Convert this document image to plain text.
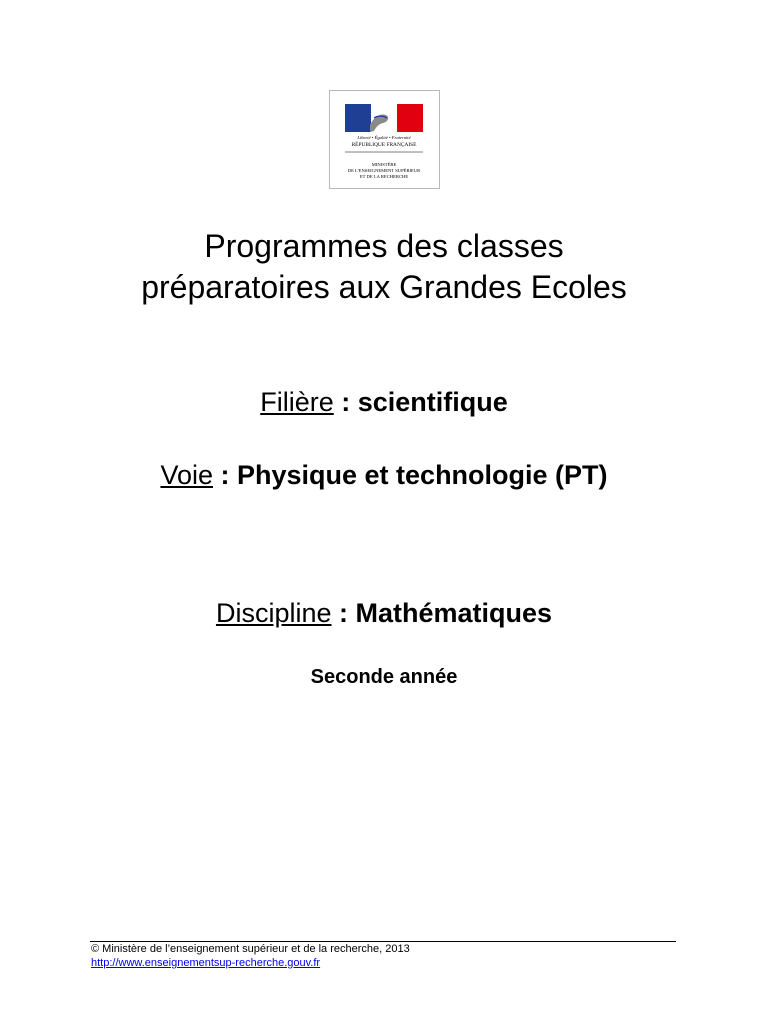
Liberté • Égalité • Fraternité
RÉPUBLIQUE FRANÇAISE
MINISTÈRE
DE L'ENSEIGNEMENT SUPÉRIEUR
ET DE LA RECHERCHE
Programmes des classes
préparatoires aux Grandes Ecoles
Filière : scientifique
Voie : Physique et technologie (PT)
Discipline : Mathématiques
Seconde année
© Ministère de l’enseignement supérieur et de la recherche, 2013
http://www.enseignementsup-recherche.gouv.fr
